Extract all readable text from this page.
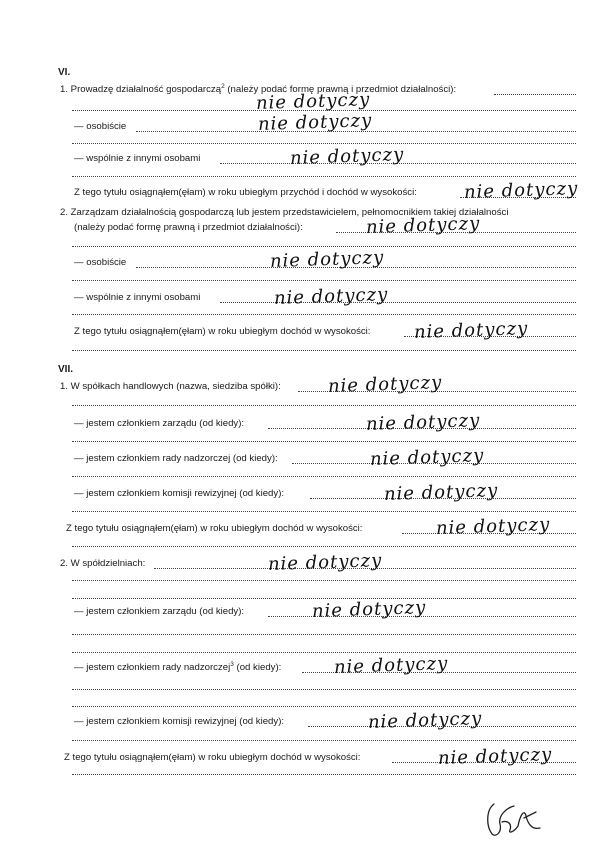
VI.
1. Prowadzę działalność gospodarczą$^2$ (należy podać formę prawną i przedmiot działalności):
nie dotyczy
— osobiście	nie dotyczy
— wspólnie z innymi osobami	nie dotyczy
Z tego tytułu osiągnąłem(ęłam) w roku ubiegłym przychód i dochód w wysokości:	nie dotyczy
2. Zarządzam działalnością gospodarczą lub jestem przedstawicielem, pełnomocnikiem takiej działalności
(należy podać formę prawną i przedmiot działalności):	nie dotyczy
— osobiście	nie dotyczy
— wspólnie z innymi osobami	nie dotyczy
Z tego tytułu osiągnąłem(ęłam) w roku ubiegłym dochód w wysokości: nie dotyczy
VII.
1. W spółkach handlowych (nazwa, siedziba spółki):	nie dotyczy
— jestem członkiem zarządu (od kiedy):	nie dotyczy
— jestem członkiem rady nadzorczej (od kiedy):	nie dotyczy
— jestem członkiem komisji rewizyjnej (od kiedy):	nie dotyczy
Z tego tytułu osiągnąłem(ęłam) w roku ubiegłym dochód w wysokości:	nie dotyczy
2. W spółdzielniach:	nie dotyczy
— jestem członkiem zarządu (od kiedy):	nie dotyczy
— jestem członkiem rady nadzorczej$^3$ (od kiedy):	nie dotyczy
— jestem członkiem komisji rewizyjnej (od kiedy):	nie dotyczy
Z tego tytułu osiągnąłem(ęłam) w roku ubiegłym dochód w wysokości:	nie dotyczy
